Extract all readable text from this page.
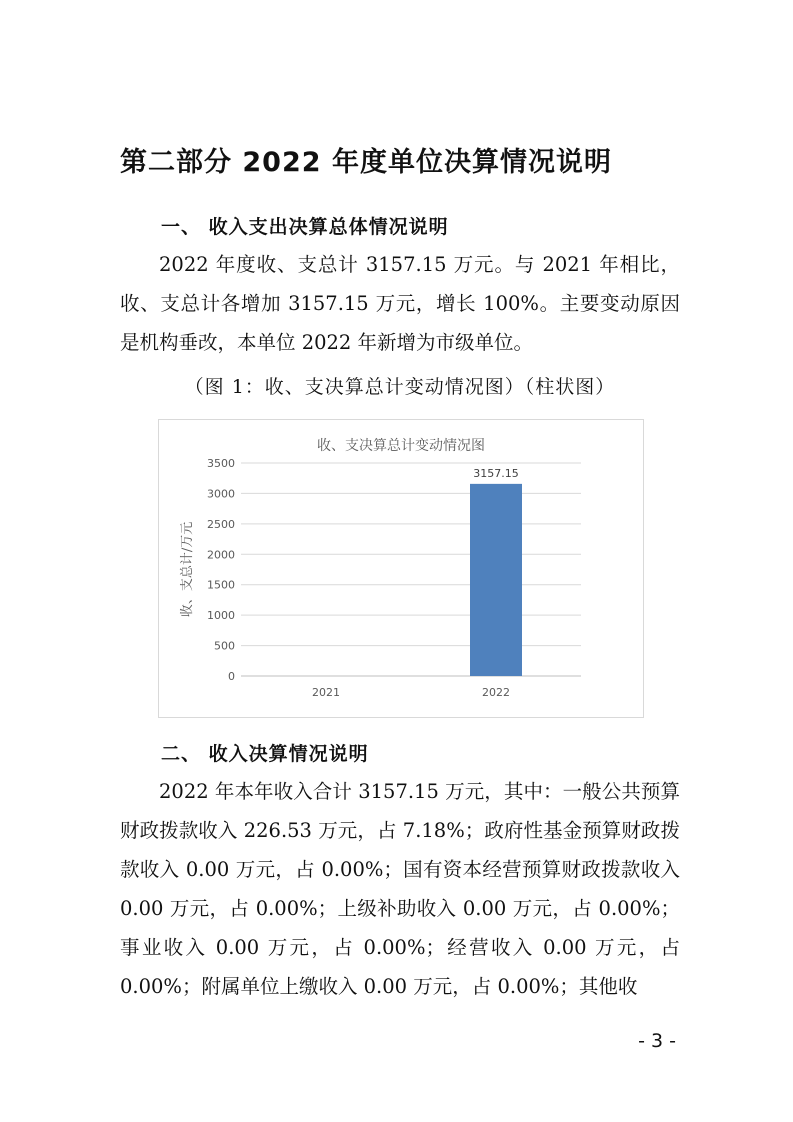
第二部分 2022 年度单位决算情况说明
一、 收入支出决算总体情况说明
2022 年度收、支总计 3157.15 万元。与 2021 年相比，收、支总计各增加 3157.15 万元，增长 100%。主要变动原因是机构垂改，本单位 2022 年新增为市级单位。
（图 1：收、支决算总计变动情况图）（柱状图）
收、支决算总计变动情况图
0
500
1000
1500
2000
2500
3000
3500
收、支总计/万元
2021	2022
3157.15
二、 收入决算情况说明
2022 年本年收入合计 3157.15 万元，其中：一般公共预算财政拨款收入 226.53 万元，占 7.18%；政府性基金预算财政拨款收入 0.00 万元，占 0.00%；国有资本经营预算财政拨款收入 0.00 万元，占 0.00%；上级补助收入 0.00 万元，占 0.00%；事业收入 0.00 万元，占 0.00%；经营收入 0.00 万元，占 0.00%；附属单位上缴收入 0.00 万元，占 0.00%；其他收
- 3 -
